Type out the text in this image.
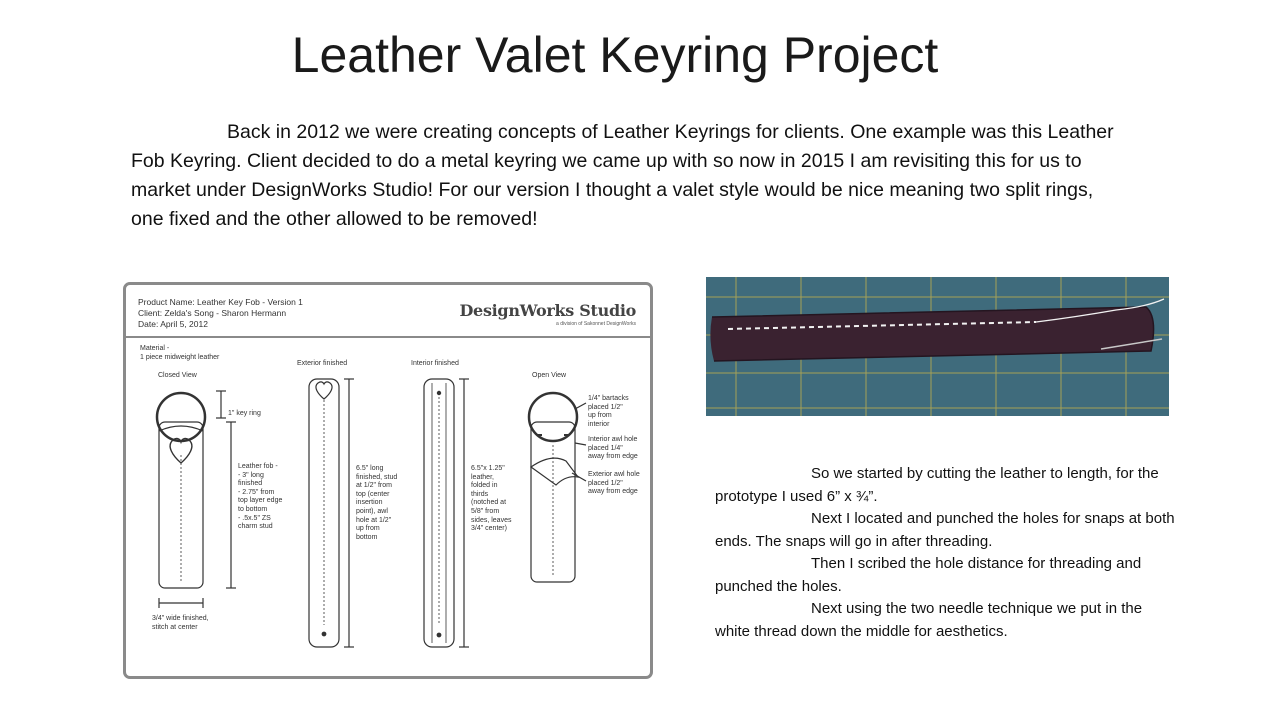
Leather Valet Keyring Project

Back in 2012 we were creating concepts of Leather Keyrings for clients. One example was this Leather Fob Keyring. Client decided to do a metal keyring we came up with so now in 2015 I am revisiting this for us to market under DesignWorks Studio! For our version I thought a valet style would be nice meaning two split rings, one fixed and the other allowed to be removed!

Product Name: Leather Key Fob - Version 1
Client: Zelda's Song - Sharon Hermann
Date: April 5, 2012
DesignWorks Studio
a division of Sakonnet DesignWorks
Material -
1 piece midweight leather
Closed View
Exterior finished	Interior finished
Open View
1" key ring
Leather fob -
- 3" long
finished
- 2.75" from
top layer edge
to bottom
- .5x.5" ZS
charm stud
3/4" wide finished,
stitch at center
6.5" long
finished, stud
at 1/2" from
top (center
insertion
point), awl
hole at 1/2"
up from
bottom
6.5"x 1.25"
leather,
folded in
thirds
(notched at
5/8" from
sides, leaves
3/4" center)
1/4" bartacks
placed 1/2"
up from
interior
Interior awl hole
placed 1/4"
away from edge
Exterior awl hole
placed 1/2"
away from edge

So we started by cutting the leather to length, for the prototype I used 6” x ¾”.

Next I located and punched the holes for snaps at both ends. The snaps will go in after threading.

Then I scribed the hole distance for threading and punched the holes.

Next using the two needle technique we put in the white thread down the middle for aesthetics.
